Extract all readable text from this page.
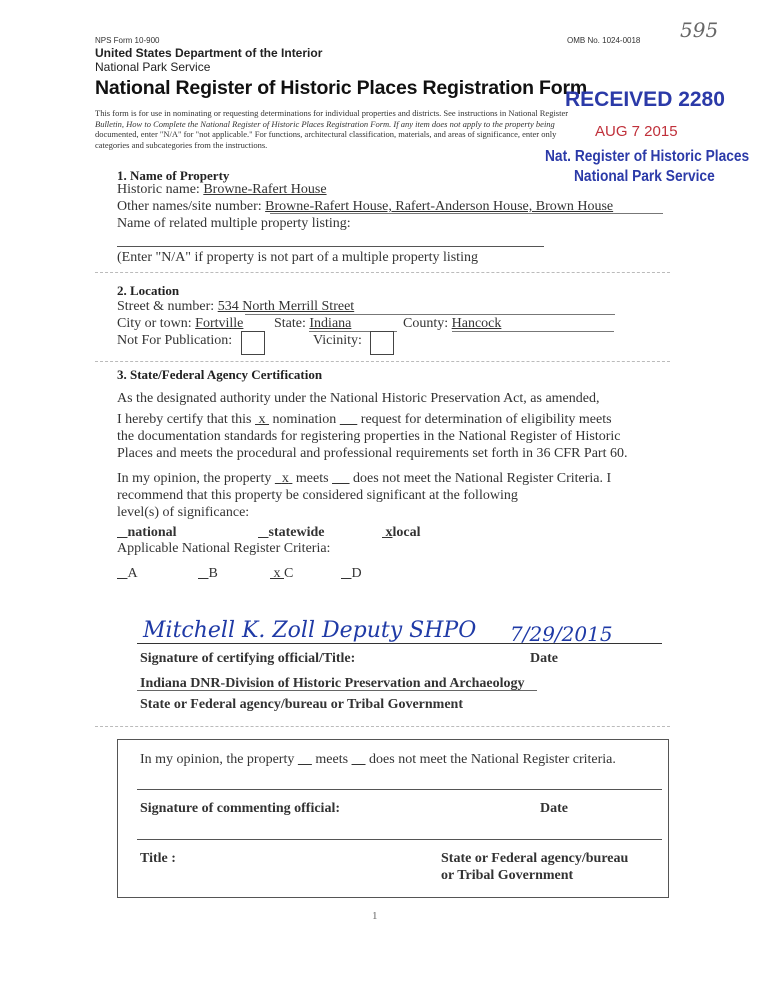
NPS Form 10-900	OMB No. 1024-0018
United States Department of the Interior
National Park Service
National Register of Historic Places Registration Form
595
This form is for use in nominating or requesting determinations for individual properties and districts. See instructions in National Register
Bulletin, How to Complete the National Register of Historic Places Registration Form. If any item does not apply to the property being
documented, enter "N/A" for "not applicable." For functions, architectural classification, materials, and areas of significance, enter only
categories and subcategories from the instructions.
RECEIVED 2280
AUG 7 2015
Nat. Register of Historic Places
National Park Service
1. Name of Property
Historic name: Browne-Rafert House
Other names/site number: Browne-Rafert House, Rafert-Anderson House, Brown House
Name of related multiple property listing:
(Enter "N/A" if property is not part of a multiple property listing
2. Location
Street & number: 534 North Merrill Street
City or town: Fortville State: Indiana	County: Hancock
Not For Publication:	Vicinity:
3. State/Federal Agency Certification
As the designated authority under the National Historic Preservation Act, as amended,
I hereby certify that this x nomination request for determination of eligibility meets
the documentation standards for registering properties in the National Register of Historic
Places and meets the procedural and professional requirements set forth in 36 CFR Part 60.
In my opinion, the property x meets does not meet the National Register Criteria. I
recommend that this property be considered significant at the following
level(s) of significance:
national	statewide	xlocal
Applicable National Register Criteria:
A	B	x C	D
Mitchell K. Zoll Deputy SHPO 7/29/2015
Signature of certifying official/Title:	Date
Indiana DNR-Division of Historic Preservation and Archaeology
State or Federal agency/bureau or Tribal Government
In my opinion, the property meets does not meet the National Register criteria.
Signature of commenting official:	Date
Title :	State or Federal agency/bureau
or Tribal Government
1
